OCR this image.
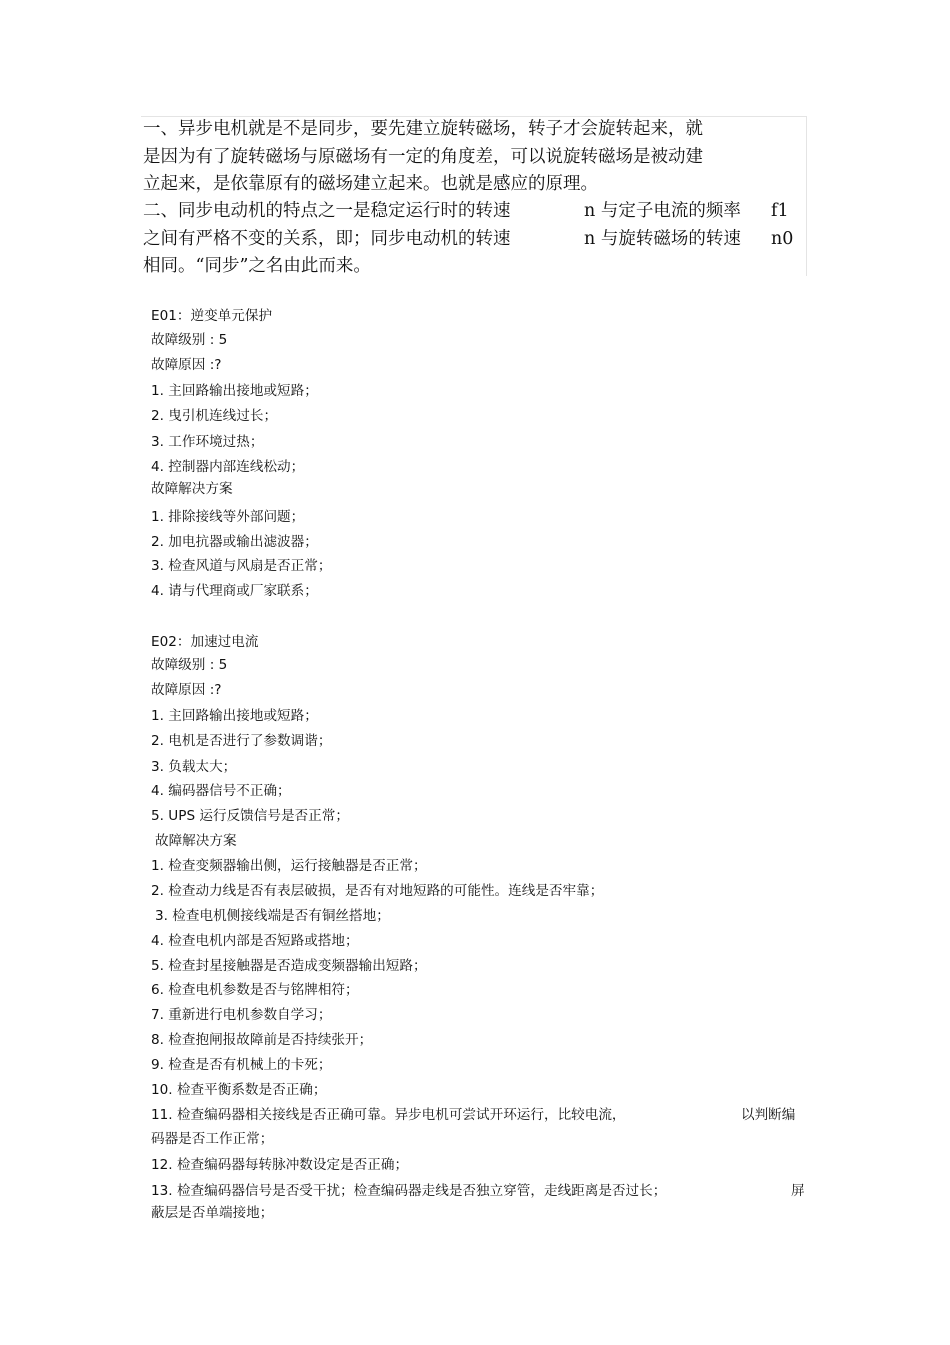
一、异步电机就是不是同步，要先建立旋转磁场，转子才会旋转起来，就
是因为有了旋转磁场与原磁场有一定的角度差，可以说旋转磁场是被动建
立起来，是依靠原有的磁场建立起来。也就是感应的原理。
二、同步电动机的特点之一是稳定运行时的转速	n 与定子电流的频率 f1
之间有严格不变的关系，即；同步电动机的转速	n 与旋转磁场的转速 n0
相同。“同步”之名由此而来。
E01：逆变单元保护
故障级别 : 5
故障原因 :?
1. 主回路输出接地或短路；
2. 曳引机连线过长；
3. 工作环境过热；
4. 控制器内部连线松动；
故障解决方案
1. 排除接线等外部问题；
2. 加电抗器或输出滤波器；
3. 检查风道与风扇是否正常；
4. 请与代理商或厂家联系；
E02：加速过电流
故障级别 : 5
故障原因 :?
1. 主回路输出接地或短路；
2. 电机是否进行了参数调谐；
3. 负载太大；
4. 编码器信号不正确；
5. UPS 运行反馈信号是否正常；
故障解决方案
1. 检查变频器输出侧，运行接触器是否正常；
2. 检查动力线是否有表层破损，是否有对地短路的可能性。连线是否牢靠；
3. 检查电机侧接线端是否有铜丝搭地；
4. 检查电机内部是否短路或搭地；
5. 检查封星接触器是否造成变频器输出短路；
6. 检查电机参数是否与铭牌相符；
7. 重新进行电机参数自学习；
8. 检查抱闸报故障前是否持续张开；
9. 检查是否有机械上的卡死；
10. 检查平衡系数是否正确；
11. 检查编码器相关接线是否正确可靠。异步电机可尝试开环运行，比较电流，	以判断编
码器是否工作正常；
12. 检查编码器每转脉冲数设定是否正确；
13. 检查编码器信号是否受干扰；检查编码器走线是否独立穿管，走线距离是否过长；	屏
蔽层是否单端接地；
